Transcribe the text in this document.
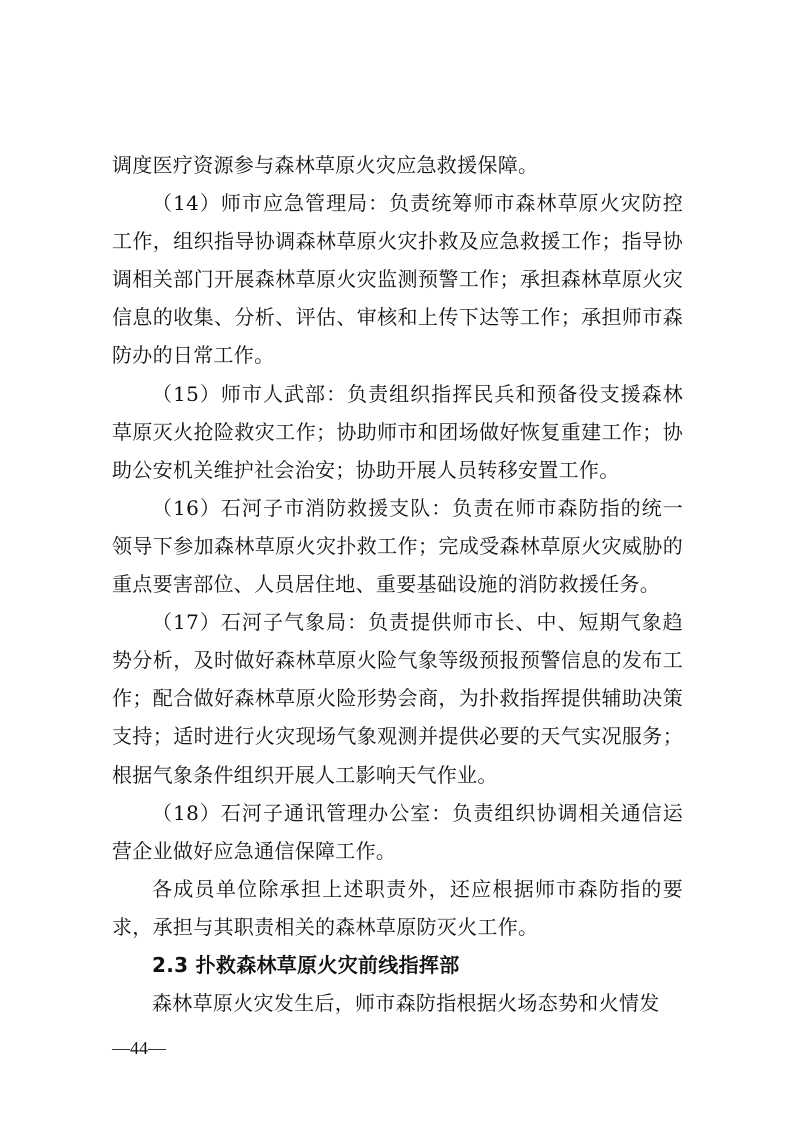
调度医疗资源参与森林草原火灾应急救援保障。

（14）师市应急管理局：负责统筹师市森林草原火灾防控工作，组织指导协调森林草原火灾扑救及应急救援工作；指导协调相关部门开展森林草原火灾监测预警工作；承担森林草原火灾信息的收集、分析、评估、审核和上传下达等工作；承担师市森防办的日常工作。

（15）师市人武部：负责组织指挥民兵和预备役支援森林草原灭火抢险救灾工作；协助师市和团场做好恢复重建工作；协助公安机关维护社会治安；协助开展人员转移安置工作。

（16）石河子市消防救援支队：负责在师市森防指的统一领导下参加森林草原火灾扑救工作；完成受森林草原火灾威胁的重点要害部位、人员居住地、重要基础设施的消防救援任务。

（17）石河子气象局：负责提供师市长、中、短期气象趋势分析，及时做好森林草原火险气象等级预报预警信息的发布工作；配合做好森林草原火险形势会商，为扑救指挥提供辅助决策支持；适时进行火灾现场气象观测并提供必要的天气实况服务；根据气象条件组织开展人工影响天气作业。

（18）石河子通讯管理办公室：负责组织协调相关通信运营企业做好应急通信保障工作。

各成员单位除承担上述职责外，还应根据师市森防指的要求，承担与其职责相关的森林草原防灭火工作。

2.3 扑救森林草原火灾前线指挥部

森林草原火灾发生后，师市森防指根据火场态势和火情发

—44—
